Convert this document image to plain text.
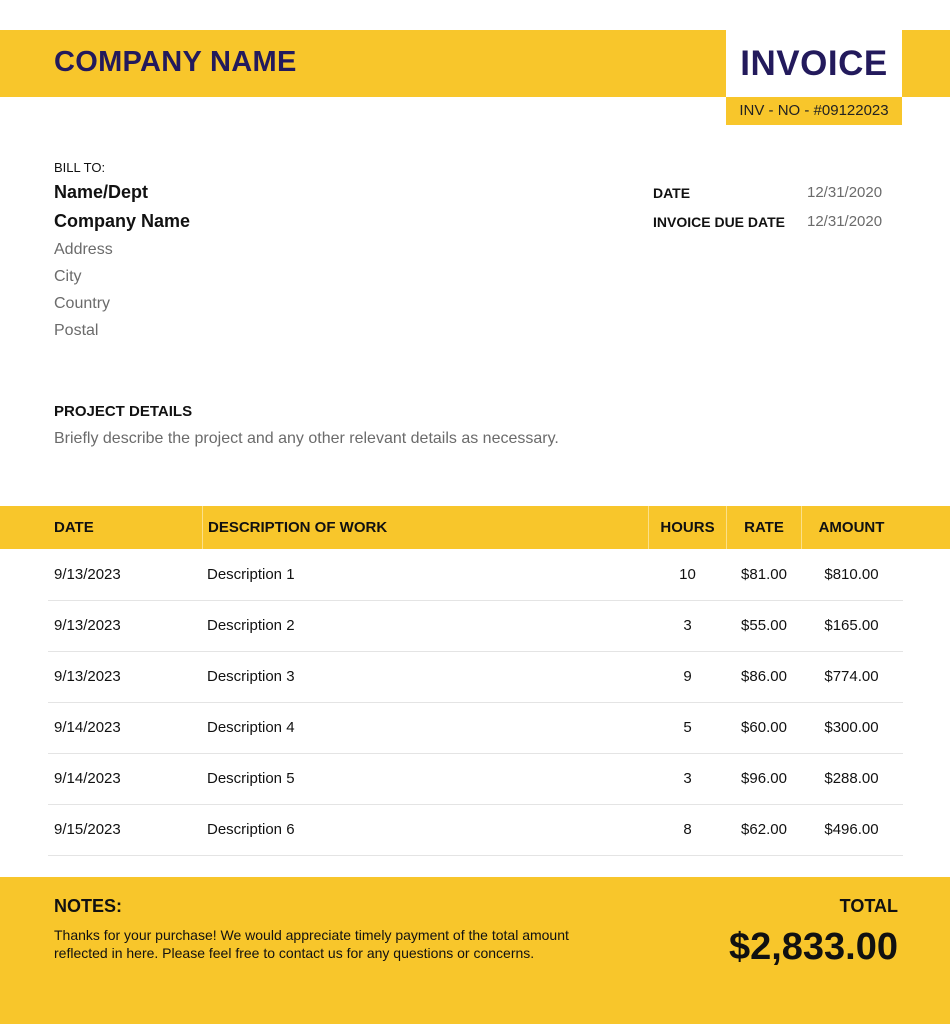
COMPANY NAME	INVOICE
INV - NO - #09122023
BILL TO:
Name/Dept
Company Name
Address
City
Country
Postal
DATE	12/31/2020
INVOICE DUE DATE 12/31/2020
PROJECT DETAILS
Briefly describe the project and any other relevant details as necessary.
DATE	DESCRIPTION OF WORK	HOURS	RATE	AMOUNT
9/13/2023	Description 1	10	$81.00	$810.00
9/13/2023	Description 2	3	$55.00	$165.00
9/13/2023	Description 3	9	$86.00	$774.00
9/14/2023	Description 4	5	$60.00	$300.00
9/14/2023	Description 5	3	$96.00	$288.00
9/15/2023	Description 6	8	$62.00	$496.00
NOTES:
Thanks for your purchase! We would appreciate timely payment of the total amount reflected in here. Please feel free to contact us for any questions or concerns.
TOTAL
$2,833.00
